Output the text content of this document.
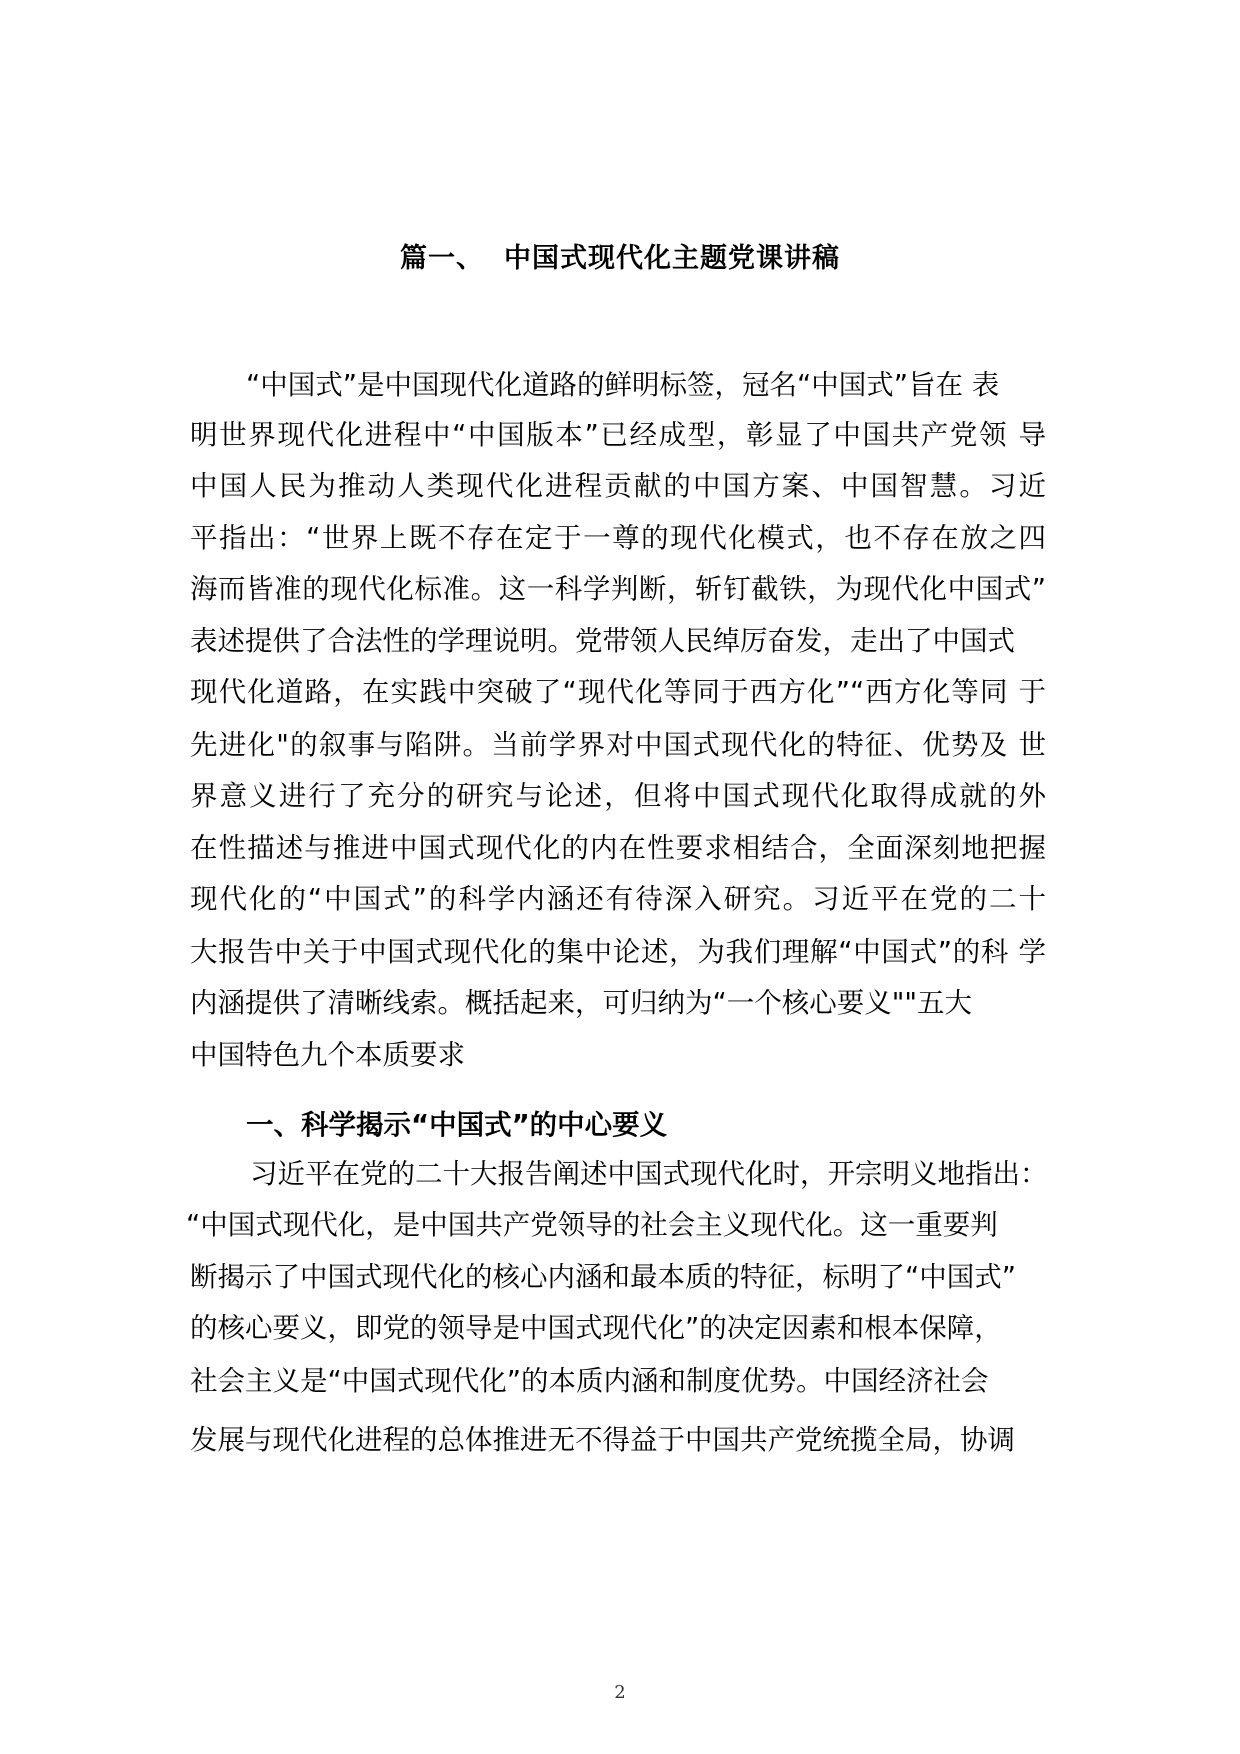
篇一、 中国式现代化主题党课讲稿
“中国式”是中国现代化道路的鲜明标签，冠名“中国式”旨在 表
明世界现代化进程中“中国版本”已经成型，彰显了中国共产党领 导
中国人民为推动人类现代化进程贡献的中国方案、中国智慧。习近
平指出：“世界上既不存在定于一尊的现代化模式，也不存在放之四
海而皆准的现代化标准。这一科学判断，斩钉截铁，为现代化中国式”
表述提供了合法性的学理说明。党带领人民绰厉奋发，走出了中国式
现代化道路，在实践中突破了“现代化等同于西方化”“西方化等同 于
先进化"的叙事与陷阱。当前学界对中国式现代化的特征、优势及 世
界意义进行了充分的研究与论述，但将中国式现代化取得成就的外
在性描述与推进中国式现代化的内在性要求相结合，全面深刻地把握
现代化的“中国式”的科学内涵还有待深入研究。习近平在党的二十
大报告中关于中国式现代化的集中论述，为我们理解“中国式”的科 学
内涵提供了清晰线索。概括起来，可归纳为“一个核心要义""五大
中国特色九个本质要求
一、科学揭示“中国式”的中心要义
习近平在党的二十大报告阐述中国式现代化时，开宗明义地指出：
“中国式现代化，是中国共产党领导的社会主义现代化。这一重要判
断揭示了中国式现代化的核心内涵和最本质的特征，标明了“中国式”
的核心要义，即党的领导是中国式现代化”的决定因素和根本保障，
社会主义是“中国式现代化”的本质内涵和制度优势。中国经济社会
发展与现代化进程的总体推进无不得益于中国共产党统揽全局，协调
2
